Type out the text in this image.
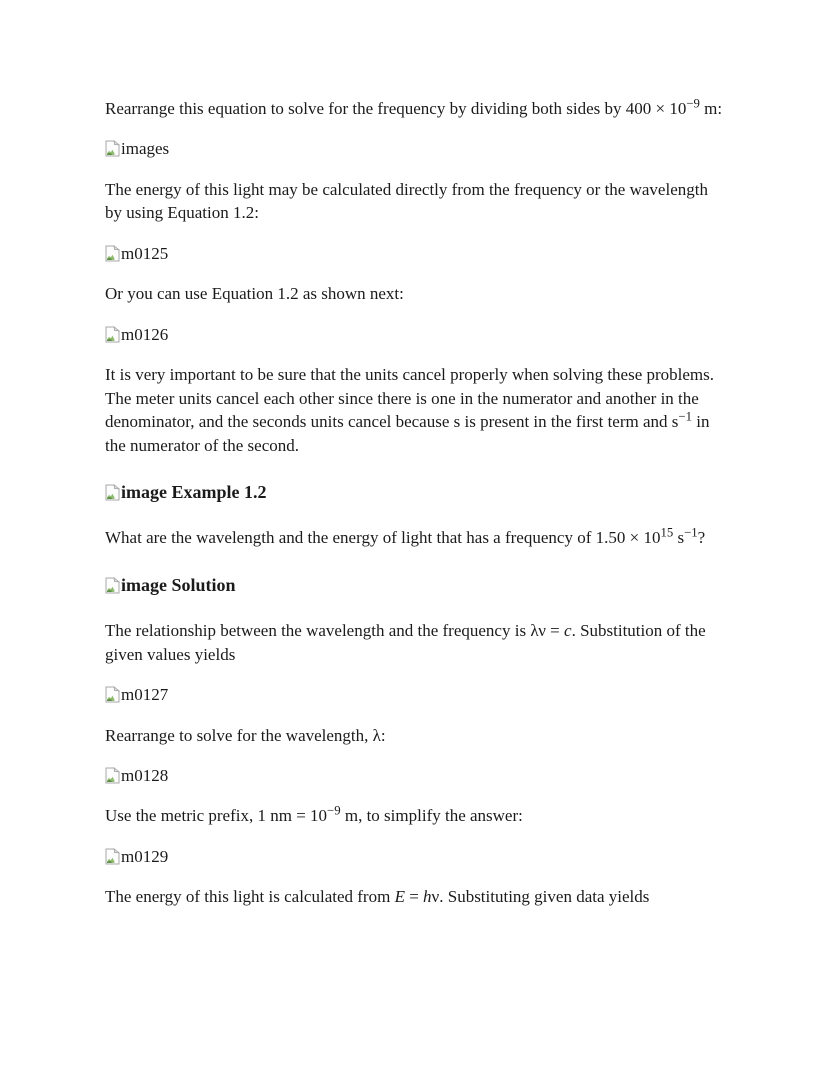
Rearrange this equation to solve for the frequency by dividing both sides by $400 \times 10^{-9}$ m:

images

The energy of this light may be calculated directly from the frequency or the wavelength by using Equation 1.2:

m0125

Or you can use Equation 1.2 as shown next:

m0126

It is very important to be sure that the units cancel properly when solving these problems. The meter units cancel each other since there is one in the numerator and another in the denominator, and the seconds units cancel because s is present in the first term and $s^{-1}$ in the numerator of the second.

image Example 1.2

What are the wavelength and the energy of light that has a frequency of $1.50 \times 10^{15}$ $s^{-1}$?

image Solution

The relationship between the wavelength and the frequency is λν = c. Substitution of the given values yields

m0127

Rearrange to solve for the wavelength, λ:

m0128

Use the metric prefix, 1 nm = $10^{-9}$ m, to simplify the answer:

m0129

The energy of this light is calculated from E = hν. Substituting given data yields
